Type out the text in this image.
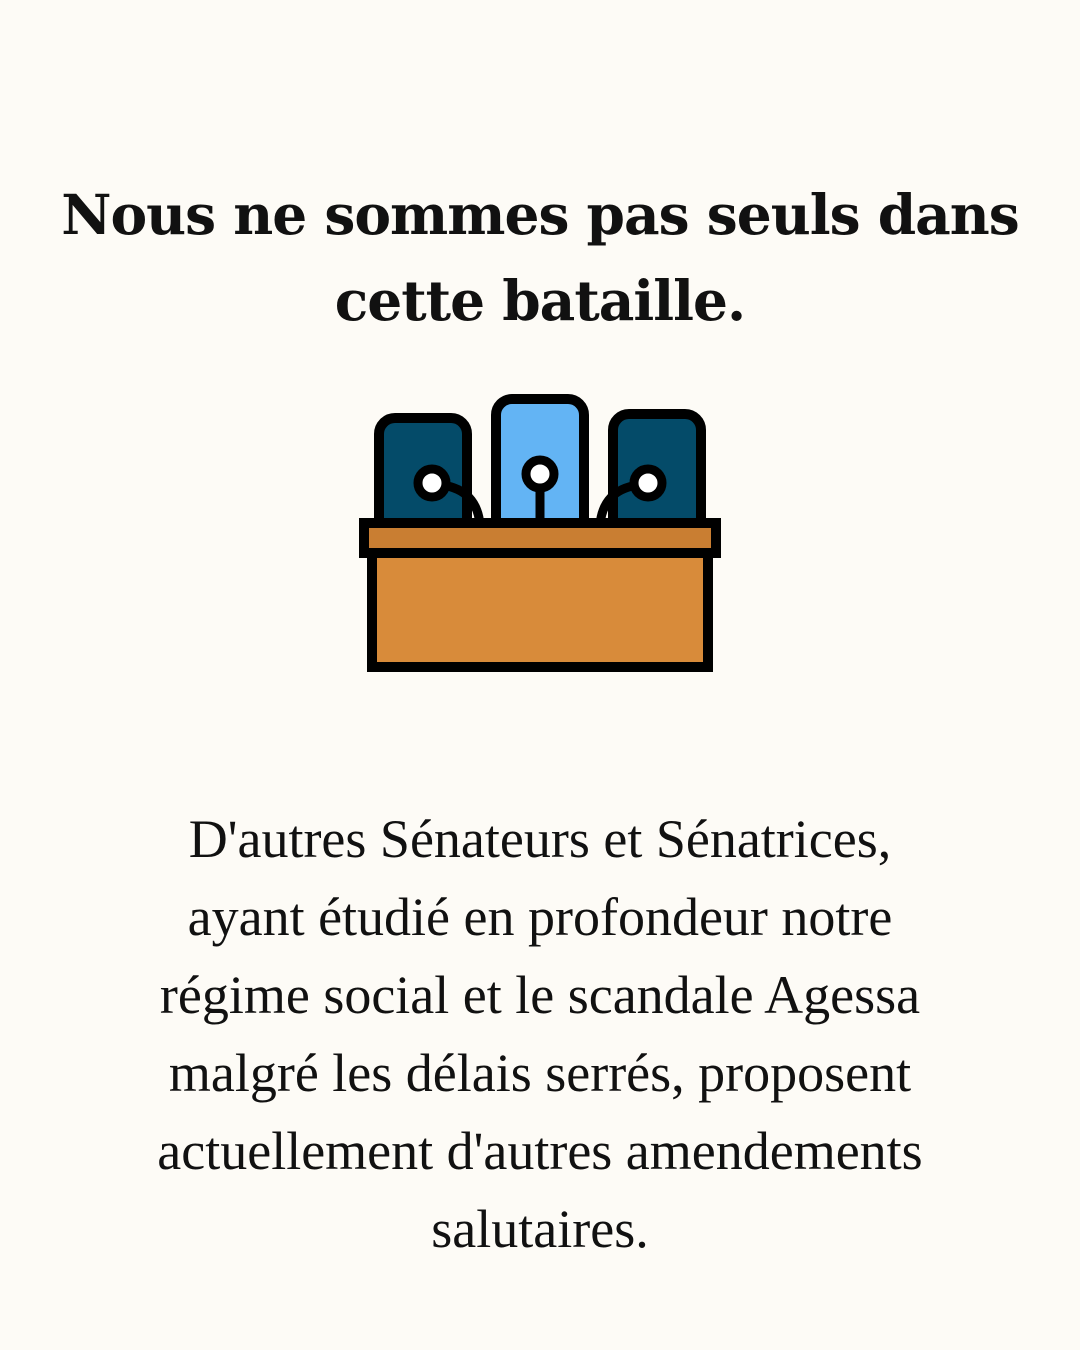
Nous ne sommes pas seuls dans
cette bataille.

D'autres Sénateurs et Sénatrices,
ayant étudié en profondeur notre
régime social et le scandale Agessa
malgré les délais serrés, proposent
actuellement d'autres amendements
salutaires.
